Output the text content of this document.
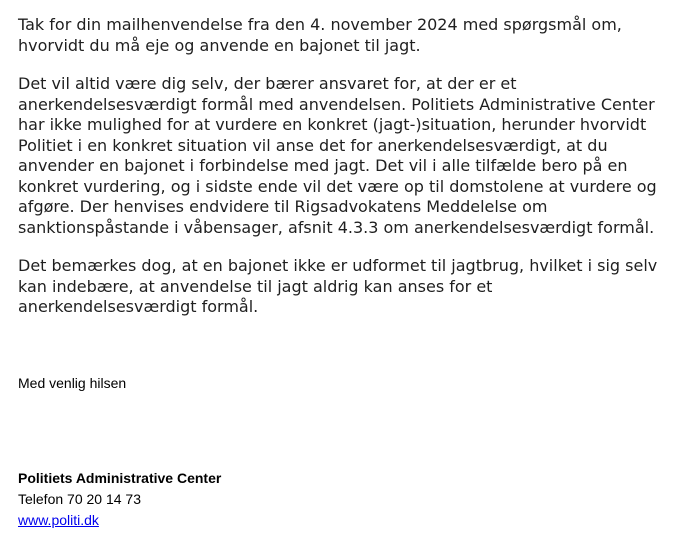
Tak for din mailhenvendelse fra den 4. november 2024 med spørgsmål om, hvorvidt du må eje og anvende en bajonet til jagt.

Det vil altid være dig selv, der bærer ansvaret for, at der er et anerkendelsesværdigt formål med anvendelsen. Politiets Administrative Center har ikke mulighed for at vurdere en konkret (jagt-)situation, herunder hvorvidt Politiet i en konkret situation vil anse det for anerkendelsesværdigt, at du anvender en bajonet i forbindelse med jagt. Det vil i alle tilfælde bero på en konkret vurdering, og i sidste ende vil det være op til domstolene at vurdere og afgøre. Der henvises endvidere til Rigsadvokatens Meddelelse om sanktionspåstande i våbensager, afsnit 4.3.3 om anerkendelsesværdigt formål.

Det bemærkes dog, at en bajonet ikke er udformet til jagtbrug, hvilket i sig selv kan indebære, at anvendelse til jagt aldrig kan anses for et anerkendelsesværdigt formål.

Med venlig hilsen
Politiets Administrative Center
Telefon 70 20 14 73
www.politi.dk
